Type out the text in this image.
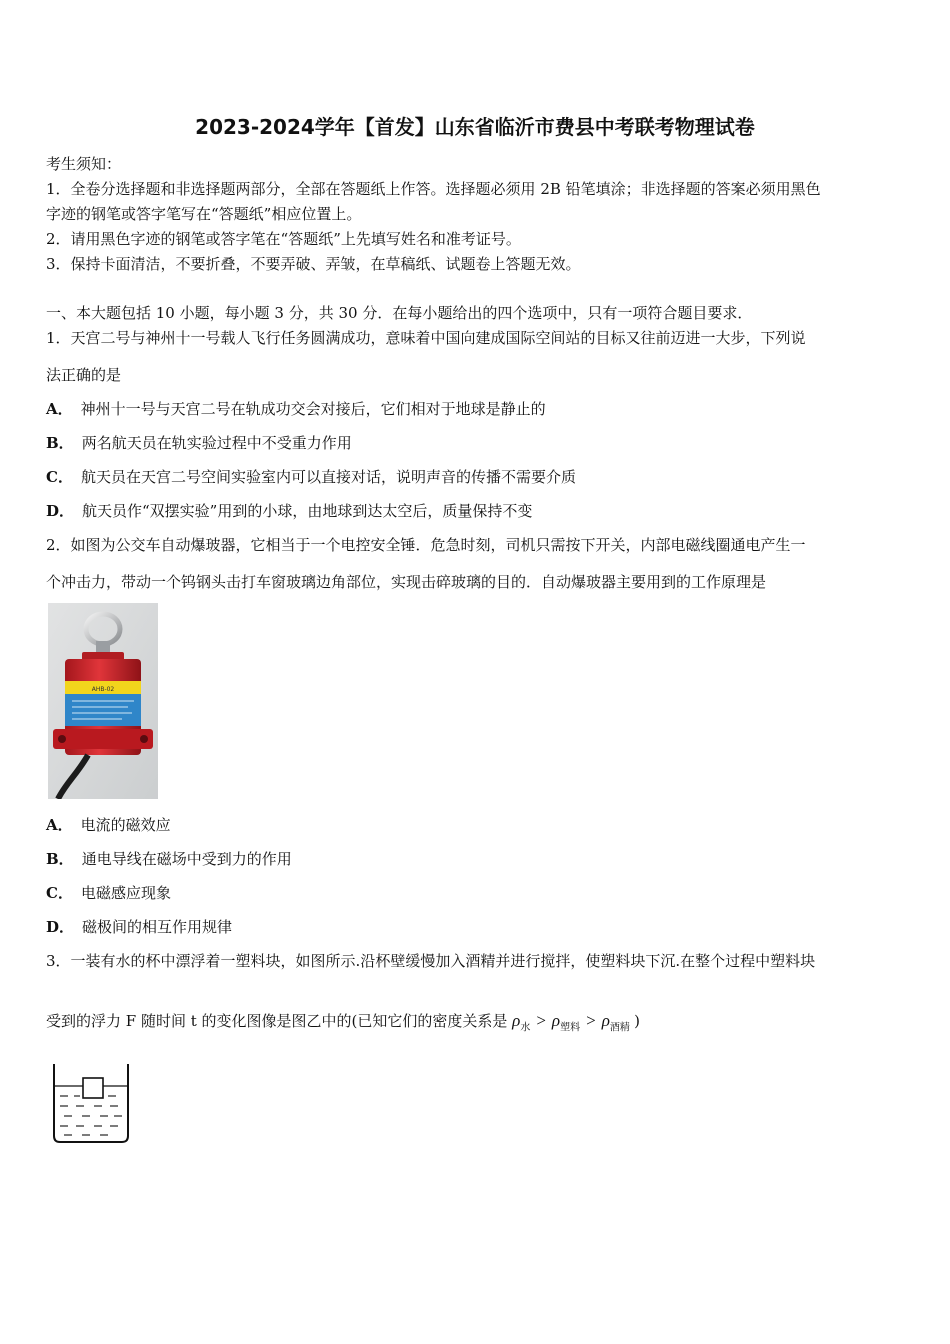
2023-2024学年【首发】山东省临沂市费县中考联考物理试卷
考生须知：
1．全卷分选择题和非选择题两部分，全部在答题纸上作答。选择题必须用 2B 铅笔填涂；非选择题的答案必须用黑色
字迹的钢笔或答字笔写在“答题纸”相应位置上。
2．请用黑色字迹的钢笔或答字笔在“答题纸”上先填写姓名和准考证号。
3．保持卡面清洁，不要折叠，不要弄破、弄皱，在草稿纸、试题卷上答题无效。
一、本大题包括 10 小题，每小题 3 分，共 30 分．在每小题给出的四个选项中，只有一项符合题目要求．
1．天宫二号与神州十一号载人飞行任务圆满成功，意味着中国向建成国际空间站的目标又往前迈进一大步，下列说
法正确的是
A． 神州十一号与天宫二号在轨成功交会对接后，它们相对于地球是静止的
B． 两名航天员在轨实验过程中不受重力作用
C． 航天员在天宫二号空间实验室内可以直接对话，说明声音的传播不需要介质
D． 航天员作“双摆实验”用到的小球，由地球到达太空后，质量保持不变
2．如图为公交车自动爆玻器，它相当于一个电控安全锤．危急时刻，司机只需按下开关，内部电磁线圈通电产生一
个冲击力，带动一个钨钢头击打车窗玻璃边角部位，实现击碎玻璃的目的．自动爆玻器主要用到的工作原理是
AHB-02
A． 电流的磁效应
B． 通电导线在磁场中受到力的作用
C． 电磁感应现象
D． 磁极间的相互作用规律
3．一装有水的杯中漂浮着一塑料块，如图所示.沿杯壁缓慢加入酒精并进行搅拌，使塑料块下沉.在整个过程中塑料块
受到的浮力 F 随时间 t 的变化图像是图乙中的(已知它们的密度关系是 $\rho_水 > \rho_{塑料} > \rho_{酒精}$ )
